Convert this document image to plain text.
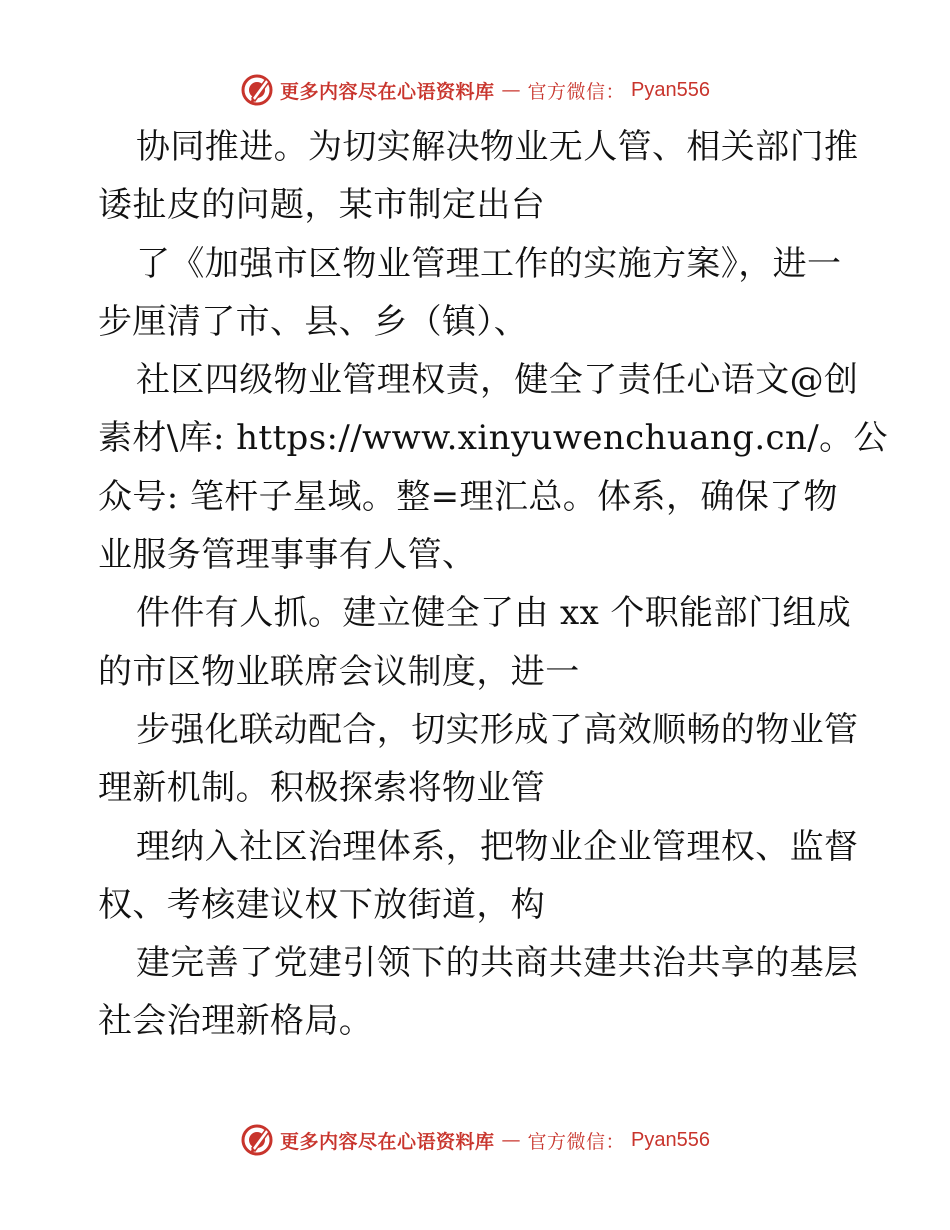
更多内容尽在心语资料库 — 官方微信： Pyan556
协同推进。为切实解决物业无人管、相关部门推
诿扯皮的问题，某市制定出台
了《加强市区物业管理工作的实施方案》，进一
步厘清了市、县、乡（镇）、
社区四级物业管理权责，健全了责任心语文@创
素材\库: https://www.xinyuwenchuang.cn/。公
众号: 笔杆子星域。整=理汇总。体系，确保了物
业服务管理事事有人管、
件件有人抓。建立健全了由 xx 个职能部门组成
的市区物业联席会议制度，进一
步强化联动配合，切实形成了高效顺畅的物业管
理新机制。积极探索将物业管
理纳入社区治理体系，把物业企业管理权、监督
权、考核建议权下放街道，构
建完善了党建引领下的共商共建共治共享的基层
社会治理新格局。
更多内容尽在心语资料库 — 官方微信： Pyan556
